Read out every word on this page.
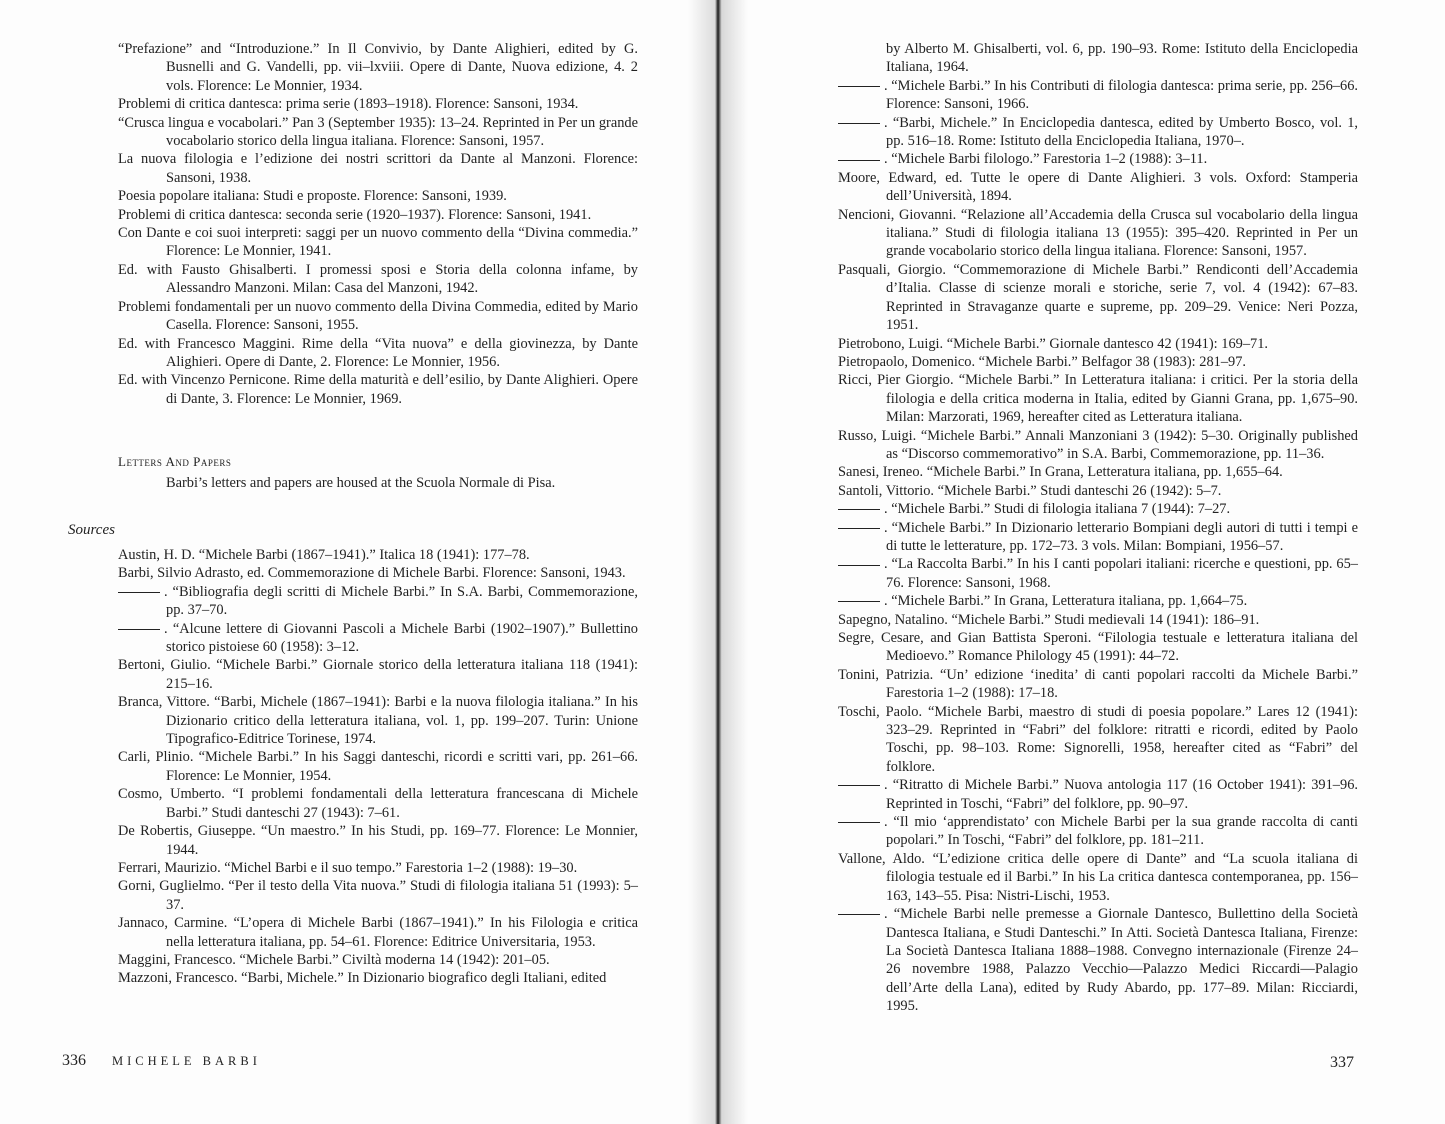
“Prefazione” and “Introduzione.” In Il Convivio, by Dante Alighieri, edited by G. Busnelli and G. Vandelli, pp. vii–lxviii. Opere di Dante, Nuova edizione, 4. 2 vols. Florence: Le Monnier, 1934.

Problemi di critica dantesca: prima serie (1893–1918). Florence: Sansoni, 1934.

“Crusca lingua e vocabolari.” Pan 3 (September 1935): 13–24. Reprinted in Per un grande vocabolario storico della lingua italiana. Florence: Sansoni, 1957.

La nuova filologia e l’edizione dei nostri scrittori da Dante al Manzoni. Florence: Sansoni, 1938.

Poesia popolare italiana: Studi e proposte. Florence: Sansoni, 1939.

Problemi di critica dantesca: seconda serie (1920–1937). Florence: Sansoni, 1941.

Con Dante e coi suoi interpreti: saggi per un nuovo commento della “Divina commedia.” Florence: Le Monnier, 1941.

Ed. with Fausto Ghisalberti. I promessi sposi e Storia della colonna infame, by Alessandro Manzoni. Milan: Casa del Manzoni, 1942.

Problemi fondamentali per un nuovo commento della Divina Commedia, edited by Mario Casella. Florence: Sansoni, 1955.

Ed. with Francesco Maggini. Rime della “Vita nuova” e della giovinezza, by Dante Alighieri. Opere di Dante, 2. Florence: Le Monnier, 1956.

Ed. with Vincenzo Pernicone. Rime della maturità e dell’esilio, by Dante Alighieri. Opere di Dante, 3. Florence: Le Monnier, 1969.

Letters And Papers

Barbi’s letters and papers are housed at the Scuola Normale di Pisa.

Sources

Austin, H. D. “Michele Barbi (1867–1941).” Italica 18 (1941): 177–78.

Barbi, Silvio Adrasto, ed. Commemorazione di Michele Barbi. Florence: Sansoni, 1943.

. “Bibliografia degli scritti di Michele Barbi.” In S.A. Barbi, Commemorazione, pp. 37–70.

. “Alcune lettere di Giovanni Pascoli a Michele Barbi (1902–1907).” Bullettino storico pistoiese 60 (1958): 3–12.

Bertoni, Giulio. “Michele Barbi.” Giornale storico della letteratura italiana 118 (1941): 215–16.

Branca, Vittore. “Barbi, Michele (1867–1941): Barbi e la nuova filologia italiana.” In his Dizionario critico della letteratura italiana, vol. 1, pp. 199–207. Turin: Unione Tipografico-Editrice Torinese, 1974.

Carli, Plinio. “Michele Barbi.” In his Saggi danteschi, ricordi e scritti vari, pp. 261–66. Florence: Le Monnier, 1954.

Cosmo, Umberto. “I problemi fondamentali della letteratura francescana di Michele Barbi.” Studi danteschi 27 (1943): 7–61.

De Robertis, Giuseppe. “Un maestro.” In his Studi, pp. 169–77. Florence: Le Monnier, 1944.

Ferrari, Maurizio. “Michel Barbi e il suo tempo.” Farestoria 1–2 (1988): 19–30.

Gorni, Guglielmo. “Per il testo della Vita nuova.” Studi di filologia italiana 51 (1993): 5–37.

Jannaco, Carmine. “L’opera di Michele Barbi (1867–1941).” In his Filologia e critica nella letteratura italiana, pp. 54–61. Florence: Editrice Universitaria, 1953.

Maggini, Francesco. “Michele Barbi.” Civiltà moderna 14 (1942): 201–05.

Mazzoni, Francesco. “Barbi, Michele.” In Dizionario biografico degli Italiani, edited

336 MICHELE BARBI

by Alberto M. Ghisalberti, vol. 6, pp. 190–93. Rome: Istituto della Enciclopedia Italiana, 1964.

. “Michele Barbi.” In his Contributi di filologia dantesca: prima serie, pp. 256–66. Florence: Sansoni, 1966.

. “Barbi, Michele.” In Enciclopedia dantesca, edited by Umberto Bosco, vol. 1, pp. 516–18. Rome: Istituto della Enciclopedia Italiana, 1970–.

. “Michele Barbi filologo.” Farestoria 1–2 (1988): 3–11.

Moore, Edward, ed. Tutte le opere di Dante Alighieri. 3 vols. Oxford: Stamperia dell’Università, 1894.

Nencioni, Giovanni. “Relazione all’Accademia della Crusca sul vocabolario della lingua italiana.” Studi di filologia italiana 13 (1955): 395–420. Reprinted in Per un grande vocabolario storico della lingua italiana. Florence: Sansoni, 1957.

Pasquali, Giorgio. “Commemorazione di Michele Barbi.” Rendiconti dell’Accademia d’Italia. Classe di scienze morali e storiche, serie 7, vol. 4 (1942): 67–83. Reprinted in Stravaganze quarte e supreme, pp. 209–29. Venice: Neri Pozza, 1951.

Pietrobono, Luigi. “Michele Barbi.” Giornale dantesco 42 (1941): 169–71.

Pietropaolo, Domenico. “Michele Barbi.” Belfagor 38 (1983): 281–97.

Ricci, Pier Giorgio. “Michele Barbi.” In Letteratura italiana: i critici. Per la storia della filologia e della critica moderna in Italia, edited by Gianni Grana, pp. 1,675–90. Milan: Marzorati, 1969, hereafter cited as Letteratura italiana.

Russo, Luigi. “Michele Barbi.” Annali Manzoniani 3 (1942): 5–30. Originally published as “Discorso commemorativo” in S.A. Barbi, Commemorazione, pp. 11–36.

Sanesi, Ireneo. “Michele Barbi.” In Grana, Letteratura italiana, pp. 1,655–64.

Santoli, Vittorio. “Michele Barbi.” Studi danteschi 26 (1942): 5–7.

. “Michele Barbi.” Studi di filologia italiana 7 (1944): 7–27.

. “Michele Barbi.” In Dizionario letterario Bompiani degli autori di tutti i tempi e di tutte le letterature, pp. 172–73. 3 vols. Milan: Bompiani, 1956–57.

. “La Raccolta Barbi.” In his I canti popolari italiani: ricerche e questioni, pp. 65–76. Florence: Sansoni, 1968.

. “Michele Barbi.” In Grana, Letteratura italiana, pp. 1,664–75.

Sapegno, Natalino. “Michele Barbi.” Studi medievali 14 (1941): 186–91.

Segre, Cesare, and Gian Battista Speroni. “Filologia testuale e letteratura italiana del Medioevo.” Romance Philology 45 (1991): 44–72.

Tonini, Patrizia. “Un’ edizione ‘inedita’ di canti popolari raccolti da Michele Barbi.” Farestoria 1–2 (1988): 17–18.

Toschi, Paolo. “Michele Barbi, maestro di studi di poesia popolare.” Lares 12 (1941): 323–29. Reprinted in “Fabri” del folklore: ritratti e ricordi, edited by Paolo Toschi, pp. 98–103. Rome: Signorelli, 1958, hereafter cited as “Fabri” del folklore.

. “Ritratto di Michele Barbi.” Nuova antologia 117 (16 October 1941): 391–96. Reprinted in Toschi, “Fabri” del folklore, pp. 90–97.

. “Il mio ‘apprendistato’ con Michele Barbi per la sua grande raccolta di canti popolari.” In Toschi, “Fabri” del folklore, pp. 181–211.

Vallone, Aldo. “L’edizione critica delle opere di Dante” and “La scuola italiana di filologia testuale ed il Barbi.” In his La critica dantesca contemporanea, pp. 156–163, 143–55. Pisa: Nistri-Lischi, 1953.

. “Michele Barbi nelle premesse a Giornale Dantesco, Bullettino della Società Dantesca Italiana, e Studi Danteschi.” In Atti. Società Dantesca Italiana, Firenze: La Società Dantesca Italiana 1888–1988. Convegno internazionale (Firenze 24–26 novembre 1988, Palazzo Vecchio—Palazzo Medici Riccardi—Palagio dell’Arte della Lana), edited by Rudy Abardo, pp. 177–89. Milan: Ricciardi, 1995.

337
